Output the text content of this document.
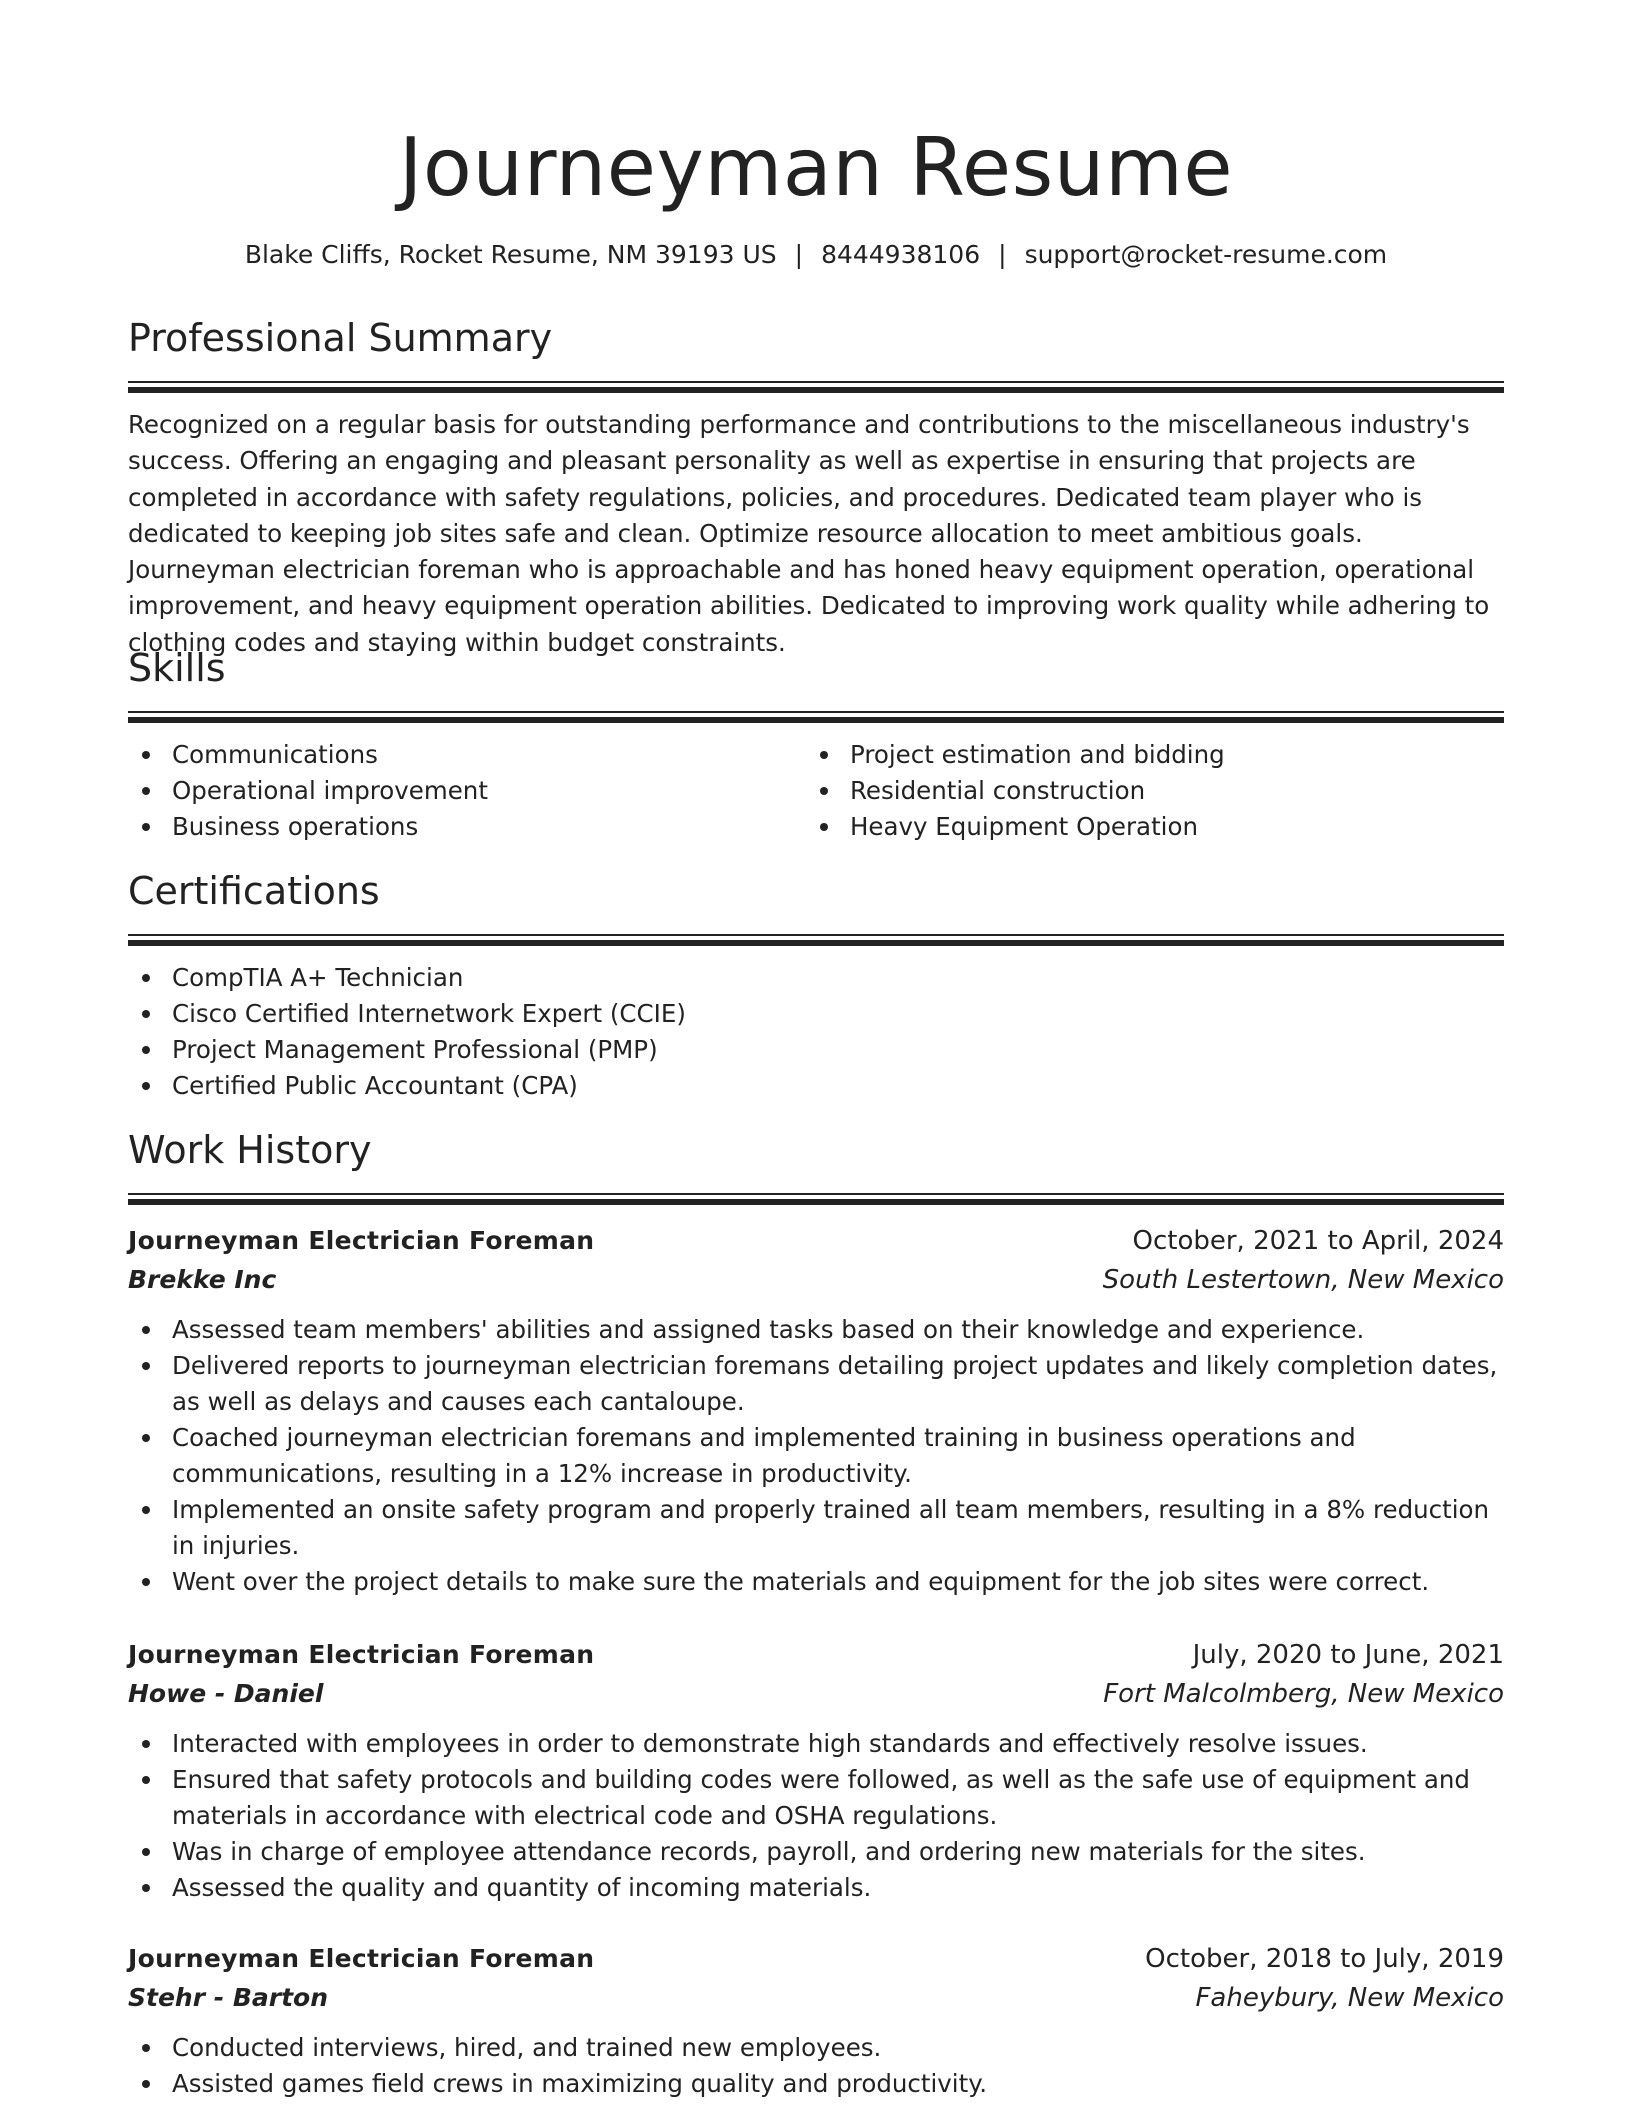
Journeyman Resume
Blake Cliffs, Rocket Resume, NM 39193 US | 8444938106 | support@rocket-resume.com
Professional Summary

Recognized on a regular basis for outstanding performance and contributions to the miscellaneous industry's success. Offering an engaging and pleasant personality as well as expertise in ensuring that projects are completed in accordance with safety regulations, policies, and procedures. Dedicated team player who is dedicated to keeping job sites safe and clean. Optimize resource allocation to meet ambitious goals. Journeyman electrician foreman who is approachable and has honed heavy equipment operation, operational improvement, and heavy equipment operation abilities. Dedicated to improving work quality while adhering to clothing codes and staying within budget constraints.

Skills
Communications
Operational improvement
Business operations
Project estimation and bidding
Residential construction
Heavy Equipment Operation
Certifications
CompTIA A+ Technician
Cisco Certified Internetwork Expert (CCIE)
Project Management Professional (PMP)
Certified Public Accountant (CPA)
Work History
Journeyman Electrician Foreman	October, 2021 to April, 2024
Brekke Inc	South Lestertown, New Mexico
Assessed team members' abilities and assigned tasks based on their knowledge and experience.
Delivered reports to journeyman electrician foremans detailing project updates and likely completion dates, as well as delays and causes each cantaloupe.
Coached journeyman electrician foremans and implemented training in business operations and communications, resulting in a 12% increase in productivity.
Implemented an onsite safety program and properly trained all team members, resulting in a 8% reduction in injuries.
Went over the project details to make sure the materials and equipment for the job sites were correct.
Journeyman Electrician Foreman	July, 2020 to June, 2021
Howe - Daniel	Fort Malcolmberg, New Mexico
Interacted with employees in order to demonstrate high standards and effectively resolve issues.
Ensured that safety protocols and building codes were followed, as well as the safe use of equipment and materials in accordance with electrical code and OSHA regulations.
Was in charge of employee attendance records, payroll, and ordering new materials for the sites.
Assessed the quality and quantity of incoming materials.
Journeyman Electrician Foreman	October, 2018 to July, 2019
Stehr - Barton	Faheybury, New Mexico
Conducted interviews, hired, and trained new employees.
Assisted games field crews in maximizing quality and productivity.
